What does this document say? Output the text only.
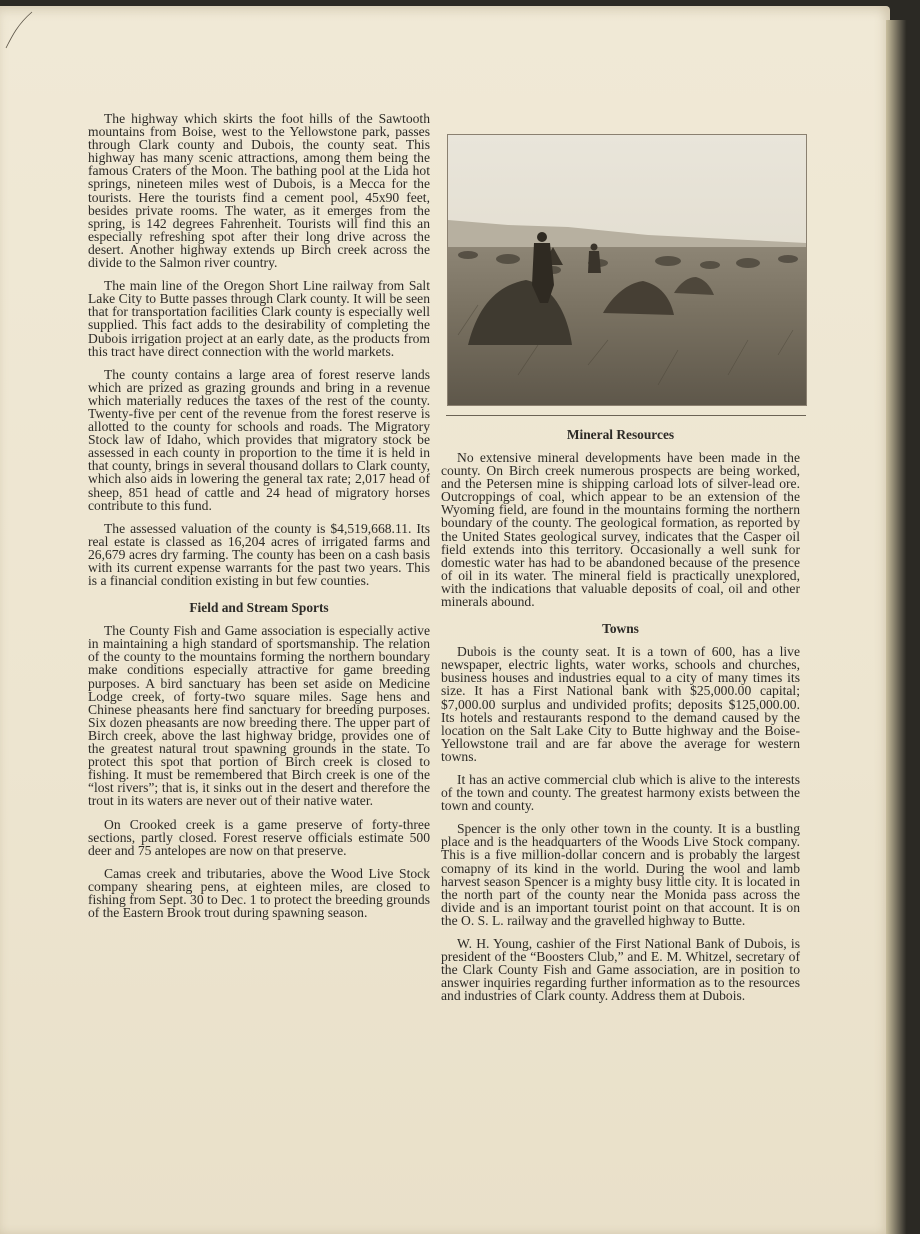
The highway which skirts the foot hills of the Sawtooth mountains from Boise, west to the Yellowstone park, passes through Clark county and Dubois, the county seat. This highway has many scenic attractions, among them being the famous Craters of the Moon. The bathing pool at the Lida hot springs, nineteen miles west of Dubois, is a Mecca for the tourists. Here the tourists find a cement pool, 45x90 feet, besides private rooms. The water, as it emerges from the spring, is 142 degrees Fahrenheit. Tourists will find this an especially refreshing spot after their long drive across the desert. Another highway extends up Birch creek across the divide to the Salmon river country.

The main line of the Oregon Short Line railway from Salt Lake City to Butte passes through Clark county. It will be seen that for transportation facilities Clark county is especially well supplied. This fact adds to the desirability of completing the Dubois irrigation project at an early date, as the products from this tract have direct connection with the world markets.

The county contains a large area of forest reserve lands which are prized as grazing grounds and bring in a revenue which materially reduces the taxes of the rest of the county. Twenty-five per cent of the revenue from the forest reserve is allotted to the county for schools and roads. The Migratory Stock law of Idaho, which provides that migratory stock be assessed in each county in proportion to the time it is held in that county, brings in several thousand dollars to Clark county, which also aids in lowering the general tax rate; 2,017 head of sheep, 851 head of cattle and 24 head of migratory horses contribute to this fund.

The assessed valuation of the county is $4,519,668.11. Its real estate is classed as 16,204 acres of irrigated farms and 26,679 acres dry farming. The county has been on a cash basis with its current expense warrants for the past two years. This is a financial condition existing in but few counties.

Field and Stream Sports

The County Fish and Game association is especially active in maintaining a high standard of sportsmanship. The relation of the county to the mountains forming the northern boundary make conditions especially attractive for game breeding purposes. A bird sanctuary has been set aside on Medicine Lodge creek, of forty-two square miles. Sage hens and Chinese pheasants here find sanctuary for breeding purposes. Six dozen pheasants are now breeding there. The upper part of Birch creek, above the last highway bridge, provides one of the greatest natural trout spawning grounds in the state. To protect this spot that portion of Birch creek is closed to fishing. It must be remembered that Birch creek is one of the “lost rivers”; that is, it sinks out in the desert and therefore the trout in its waters are never out of their native water.

On Crooked creek is a game preserve of forty-three sections, partly closed. Forest reserve officials estimate 500 deer and 75 antelopes are now on that preserve.

Camas creek and tributaries, above the Wood Live Stock company shearing pens, at eighteen miles, are closed to fishing from Sept. 30 to Dec. 1 to protect the breeding grounds of the Eastern Brook trout during spawning season.

Mineral Resources

No extensive mineral developments have been made in the county. On Birch creek numerous prospects are being worked, and the Petersen mine is shipping carload lots of silver-lead ore. Outcroppings of coal, which appear to be an extension of the Wyoming field, are found in the mountains forming the northern boundary of the county. The geological formation, as reported by the United States geological survey, indicates that the Casper oil field extends into this territory. Occasionally a well sunk for domestic water has had to be abandoned because of the presence of oil in its water. The mineral field is practically unexplored, with the indications that valuable deposits of coal, oil and other minerals abound.

Towns

Dubois is the county seat. It is a town of 600, has a live newspaper, electric lights, water works, schools and churches, business houses and industries equal to a city of many times its size. It has a First National bank with $25,000.00 capital; $7,000.00 surplus and undivided profits; deposits $125,000.00. Its hotels and restaurants respond to the demand caused by the location on the Salt Lake City to Butte highway and the Boise-Yellowstone trail and are far above the average for western towns.

It has an active commercial club which is alive to the interests of the town and county. The greatest harmony exists between the town and county.

Spencer is the only other town in the county. It is a bustling place and is the headquarters of the Woods Live Stock company. This is a five million-dollar concern and is probably the largest comapny of its kind in the world. During the wool and lamb harvest season Spencer is a mighty busy little city. It is located in the north part of the county near the Monida pass across the divide and is an important tourist point on that account. It is on the O. S. L. railway and the gravelled highway to Butte.

W. H. Young, cashier of the First National Bank of Dubois, is president of the “Boosters Club,” and E. M. Whitzel, secretary of the Clark County Fish and Game association, are in position to answer inquiries regarding further information as to the resources and industries of Clark county. Address them at Dubois.
